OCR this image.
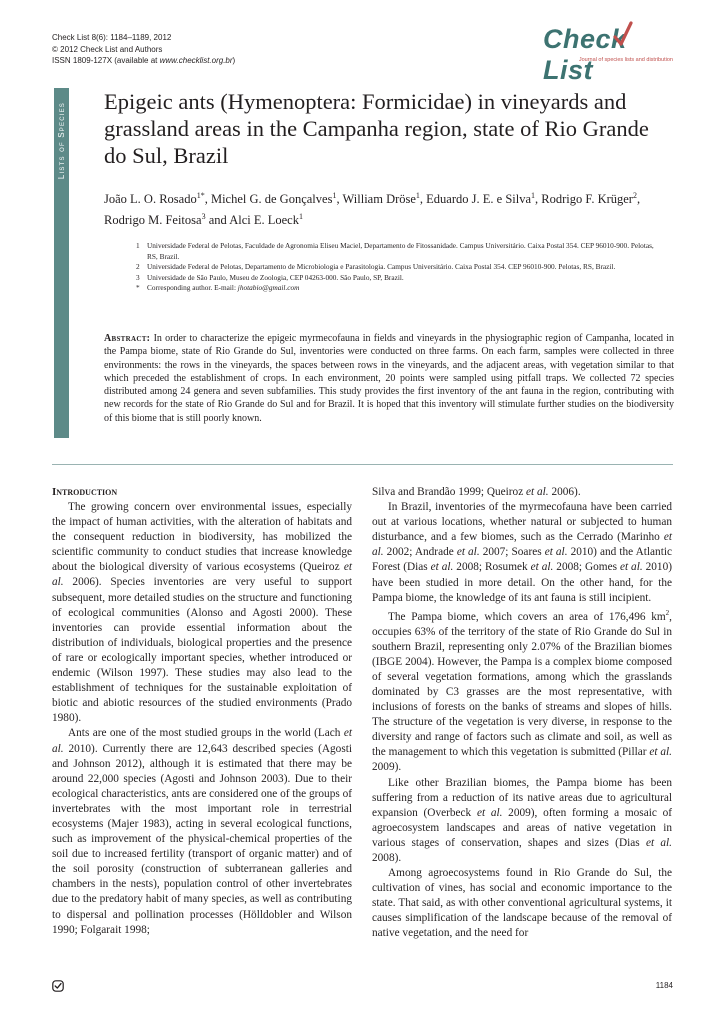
Check List 8(6): 1184–1189, 2012
© 2012 Check List and Authors
ISSN 1809-127X (available at www.checklist.org.br)
Check List
Journal of species lists and distribution
Lists of Species
Epigeic ants (Hymenoptera: Formicidae) in vineyards and grassland areas in the Campanha region, state of Rio Grande do Sul, Brazil
João L. O. Rosado$^{1*}$, Michel G. de Gonçalves$^1$, William Dröse$^1$, Eduardo J. E. e Silva$^1$, Rodrigo F. Krüger$^2$, Rodrigo M. Feitosa$^3$ and Alci E. Loeck$^1$
1 Universidade Federal de Pelotas, Faculdade de Agronomia Eliseu Maciel, Departamento de Fitossanidade. Campus Universitário. Caixa Postal 354. CEP 96010-900. Pelotas, RS, Brazil.
2 Universidade Federal de Pelotas, Departamento de Microbiologia e Parasitologia. Campus Universitário. Caixa Postal 354. CEP 96010-900. Pelotas, RS, Brazil.
3 Universidade de São Paulo, Museu de Zoologia, CEP 04263-000. São Paulo, SP, Brazil.
* Corresponding author. E-mail: jhotabio@gmail.com
Abstract: In order to characterize the epigeic myrmecofauna in fields and vineyards in the physiographic region of Campanha, located in the Pampa biome, state of Rio Grande do Sul, inventories were conducted on three farms. On each farm, samples were collected in three environments: the rows in the vineyards, the spaces between rows in the vineyards, and the adjacent areas, with vegetation similar to that which preceded the establishment of crops. In each environment, 20 points were sampled using pitfall traps. We collected 72 species distributed among 24 genera and seven subfamilies. This study provides the first inventory of the ant fauna in the region, contributing with new records for the state of Rio Grande do Sul and for Brazil. It is hoped that this inventory will stimulate further studies on the biodiversity of this biome that is still poorly known.
Introduction

The growing concern over environmental issues, especially the impact of human activities, with the alteration of habitats and the consequent reduction in biodiversity, has mobilized the scientific community to conduct studies that increase knowledge about the biological diversity of various ecosystems (Queiroz et al. 2006). Species inventories are very useful to support subsequent, more detailed studies on the structure and functioning of ecological communities (Alonso and Agosti 2000). These inventories can provide essential information about the distribution of individuals, biological properties and the presence of rare or ecologically important species, whether introduced or endemic (Wilson 1997). These studies may also lead to the establishment of techniques for the sustainable exploitation of biotic and abiotic resources of the studied environments (Prado 1980).

Ants are one of the most studied groups in the world (Lach et al. 2010). Currently there are 12,643 described species (Agosti and Johnson 2012), although it is estimated that there may be around 22,000 species (Agosti and Johnson 2003). Due to their ecological characteristics, ants are considered one of the groups of invertebrates with the most important role in terrestrial ecosystems (Majer 1983), acting in several ecological functions, such as improvement of the physical-chemical properties of the soil due to increased fertility (transport of organic matter) and of the soil porosity (construction of subterranean galleries and chambers in the nests), population control of other invertebrates due to the predatory habit of many species, as well as contributing to dispersal and pollination processes (Hölldobler and Wilson 1990; Folgarait 1998;

Silva and Brandão 1999; Queiroz et al. 2006).

In Brazil, inventories of the myrmecofauna have been carried out at various locations, whether natural or subjected to human disturbance, and a few biomes, such as the Cerrado (Marinho et al. 2002; Andrade et al. 2007; Soares et al. 2010) and the Atlantic Forest (Dias et al. 2008; Rosumek et al. 2008; Gomes et al. 2010) have been studied in more detail. On the other hand, for the Pampa biome, the knowledge of its ant fauna is still incipient.

The Pampa biome, which covers an area of 176,496 $km^2$, occupies 63% of the territory of the state of Rio Grande do Sul in southern Brazil, representing only 2.07% of the Brazilian biomes (IBGE 2004). However, the Pampa is a complex biome composed of several vegetation formations, among which the grasslands dominated by C3 grasses are the most representative, with inclusions of forests on the banks of streams and slopes of hills. The structure of the vegetation is very diverse, in response to the diversity and range of factors such as climate and soil, as well as the management to which this vegetation is submitted (Pillar et al. 2009).

Like other Brazilian biomes, the Pampa biome has been suffering from a reduction of its native areas due to agricultural expansion (Overbeck et al. 2009), often forming a mosaic of agroecosystem landscapes and areas of native vegetation in various stages of conservation, shapes and sizes (Dias et al. 2008).

Among agroecosystems found in Rio Grande do Sul, the cultivation of vines, has social and economic importance to the state. That said, as with other conventional agricultural systems, it causes simplification of the landscape because of the removal of native vegetation, and the need for

1184
